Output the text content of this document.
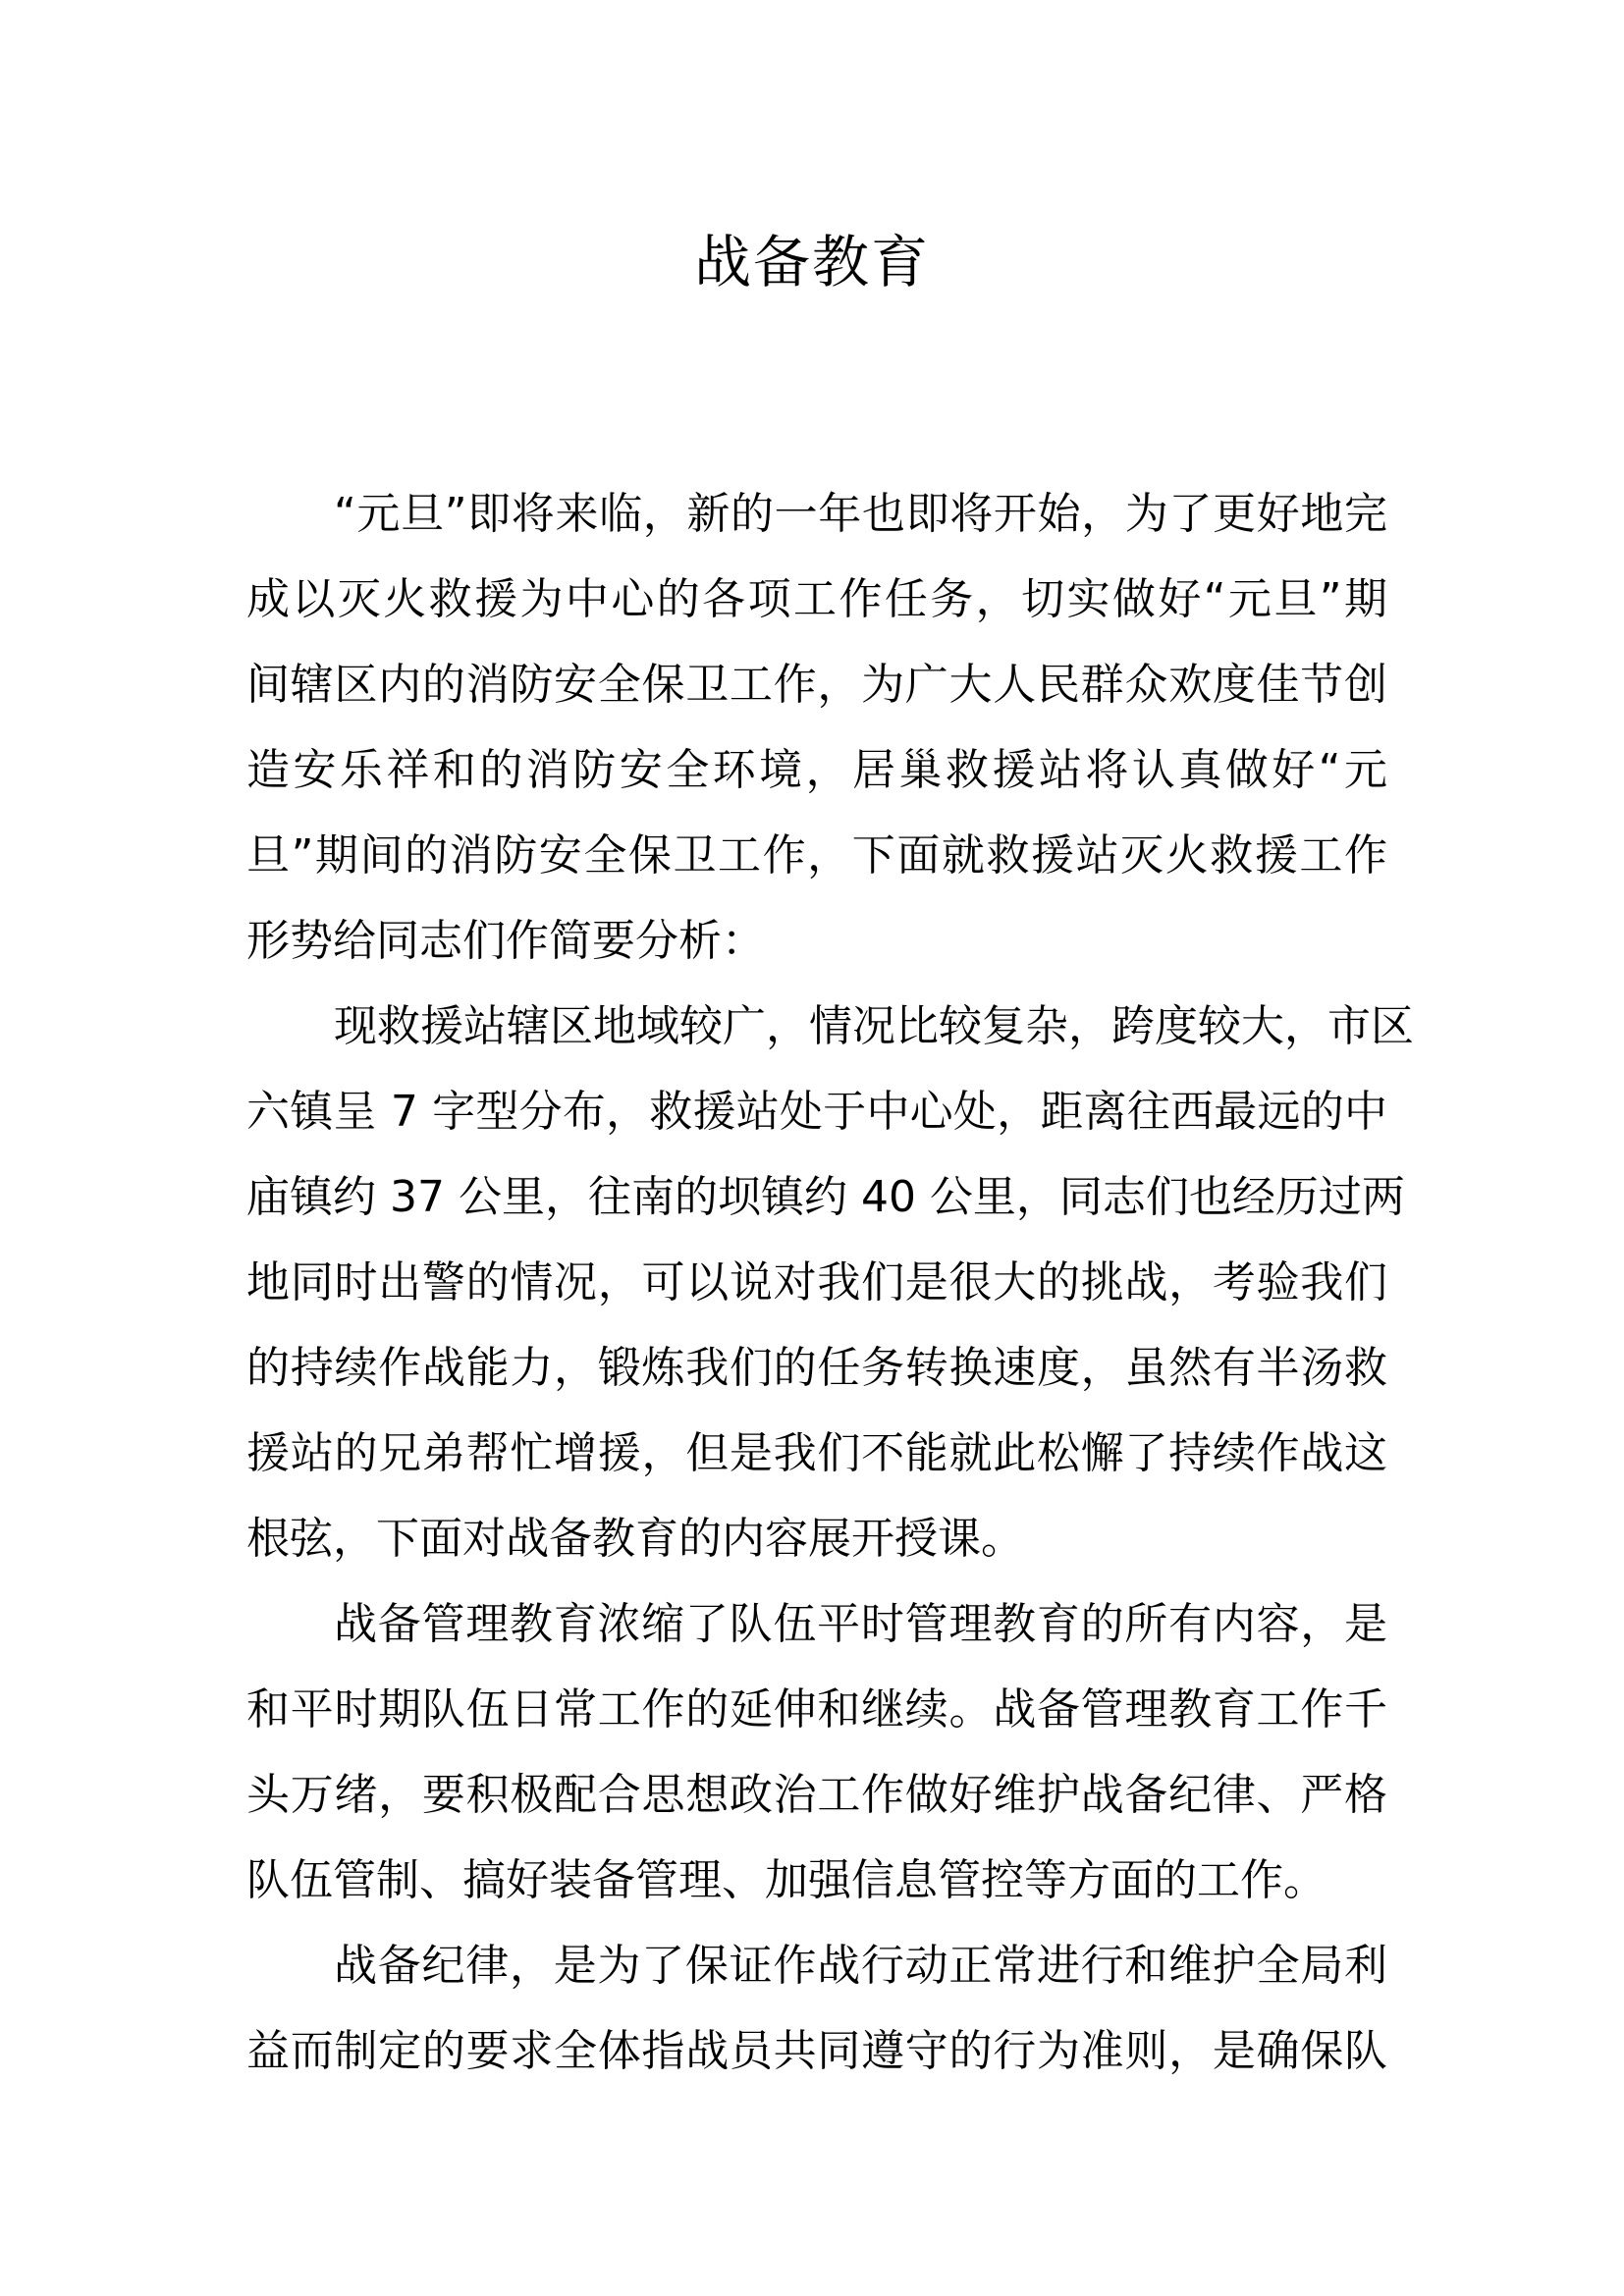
战备教育
“元旦”即将来临，新的一年也即将开始，为了更好地完
成以灭火救援为中心的各项工作任务，切实做好“元旦”期
间辖区内的消防安全保卫工作，为广大人民群众欢度佳节创
造安乐祥和的消防安全环境，居巢救援站将认真做好“元
旦”期间的消防安全保卫工作，下面就救援站灭火救援工作
形势给同志们作简要分析：
现救援站辖区地域较广，情况比较复杂，跨度较大，市区
六镇呈 7 字型分布，救援站处于中心处，距离往西最远的中
庙镇约 37 公里，往南的坝镇约 40 公里，同志们也经历过两
地同时出警的情况，可以说对我们是很大的挑战，考验我们
的持续作战能力，锻炼我们的任务转换速度，虽然有半汤救
援站的兄弟帮忙增援，但是我们不能就此松懈了持续作战这
根弦，下面对战备教育的内容展开授课。
战备管理教育浓缩了队伍平时管理教育的所有内容，是
和平时期队伍日常工作的延伸和继续。战备管理教育工作千
头万绪，要积极配合思想政治工作做好维护战备纪律、严格
队伍管制、搞好装备管理、加强信息管控等方面的工作。
战备纪律，是为了保证作战行动正常进行和维护全局利
益而制定的要求全体指战员共同遵守的行为准则，是确保队
